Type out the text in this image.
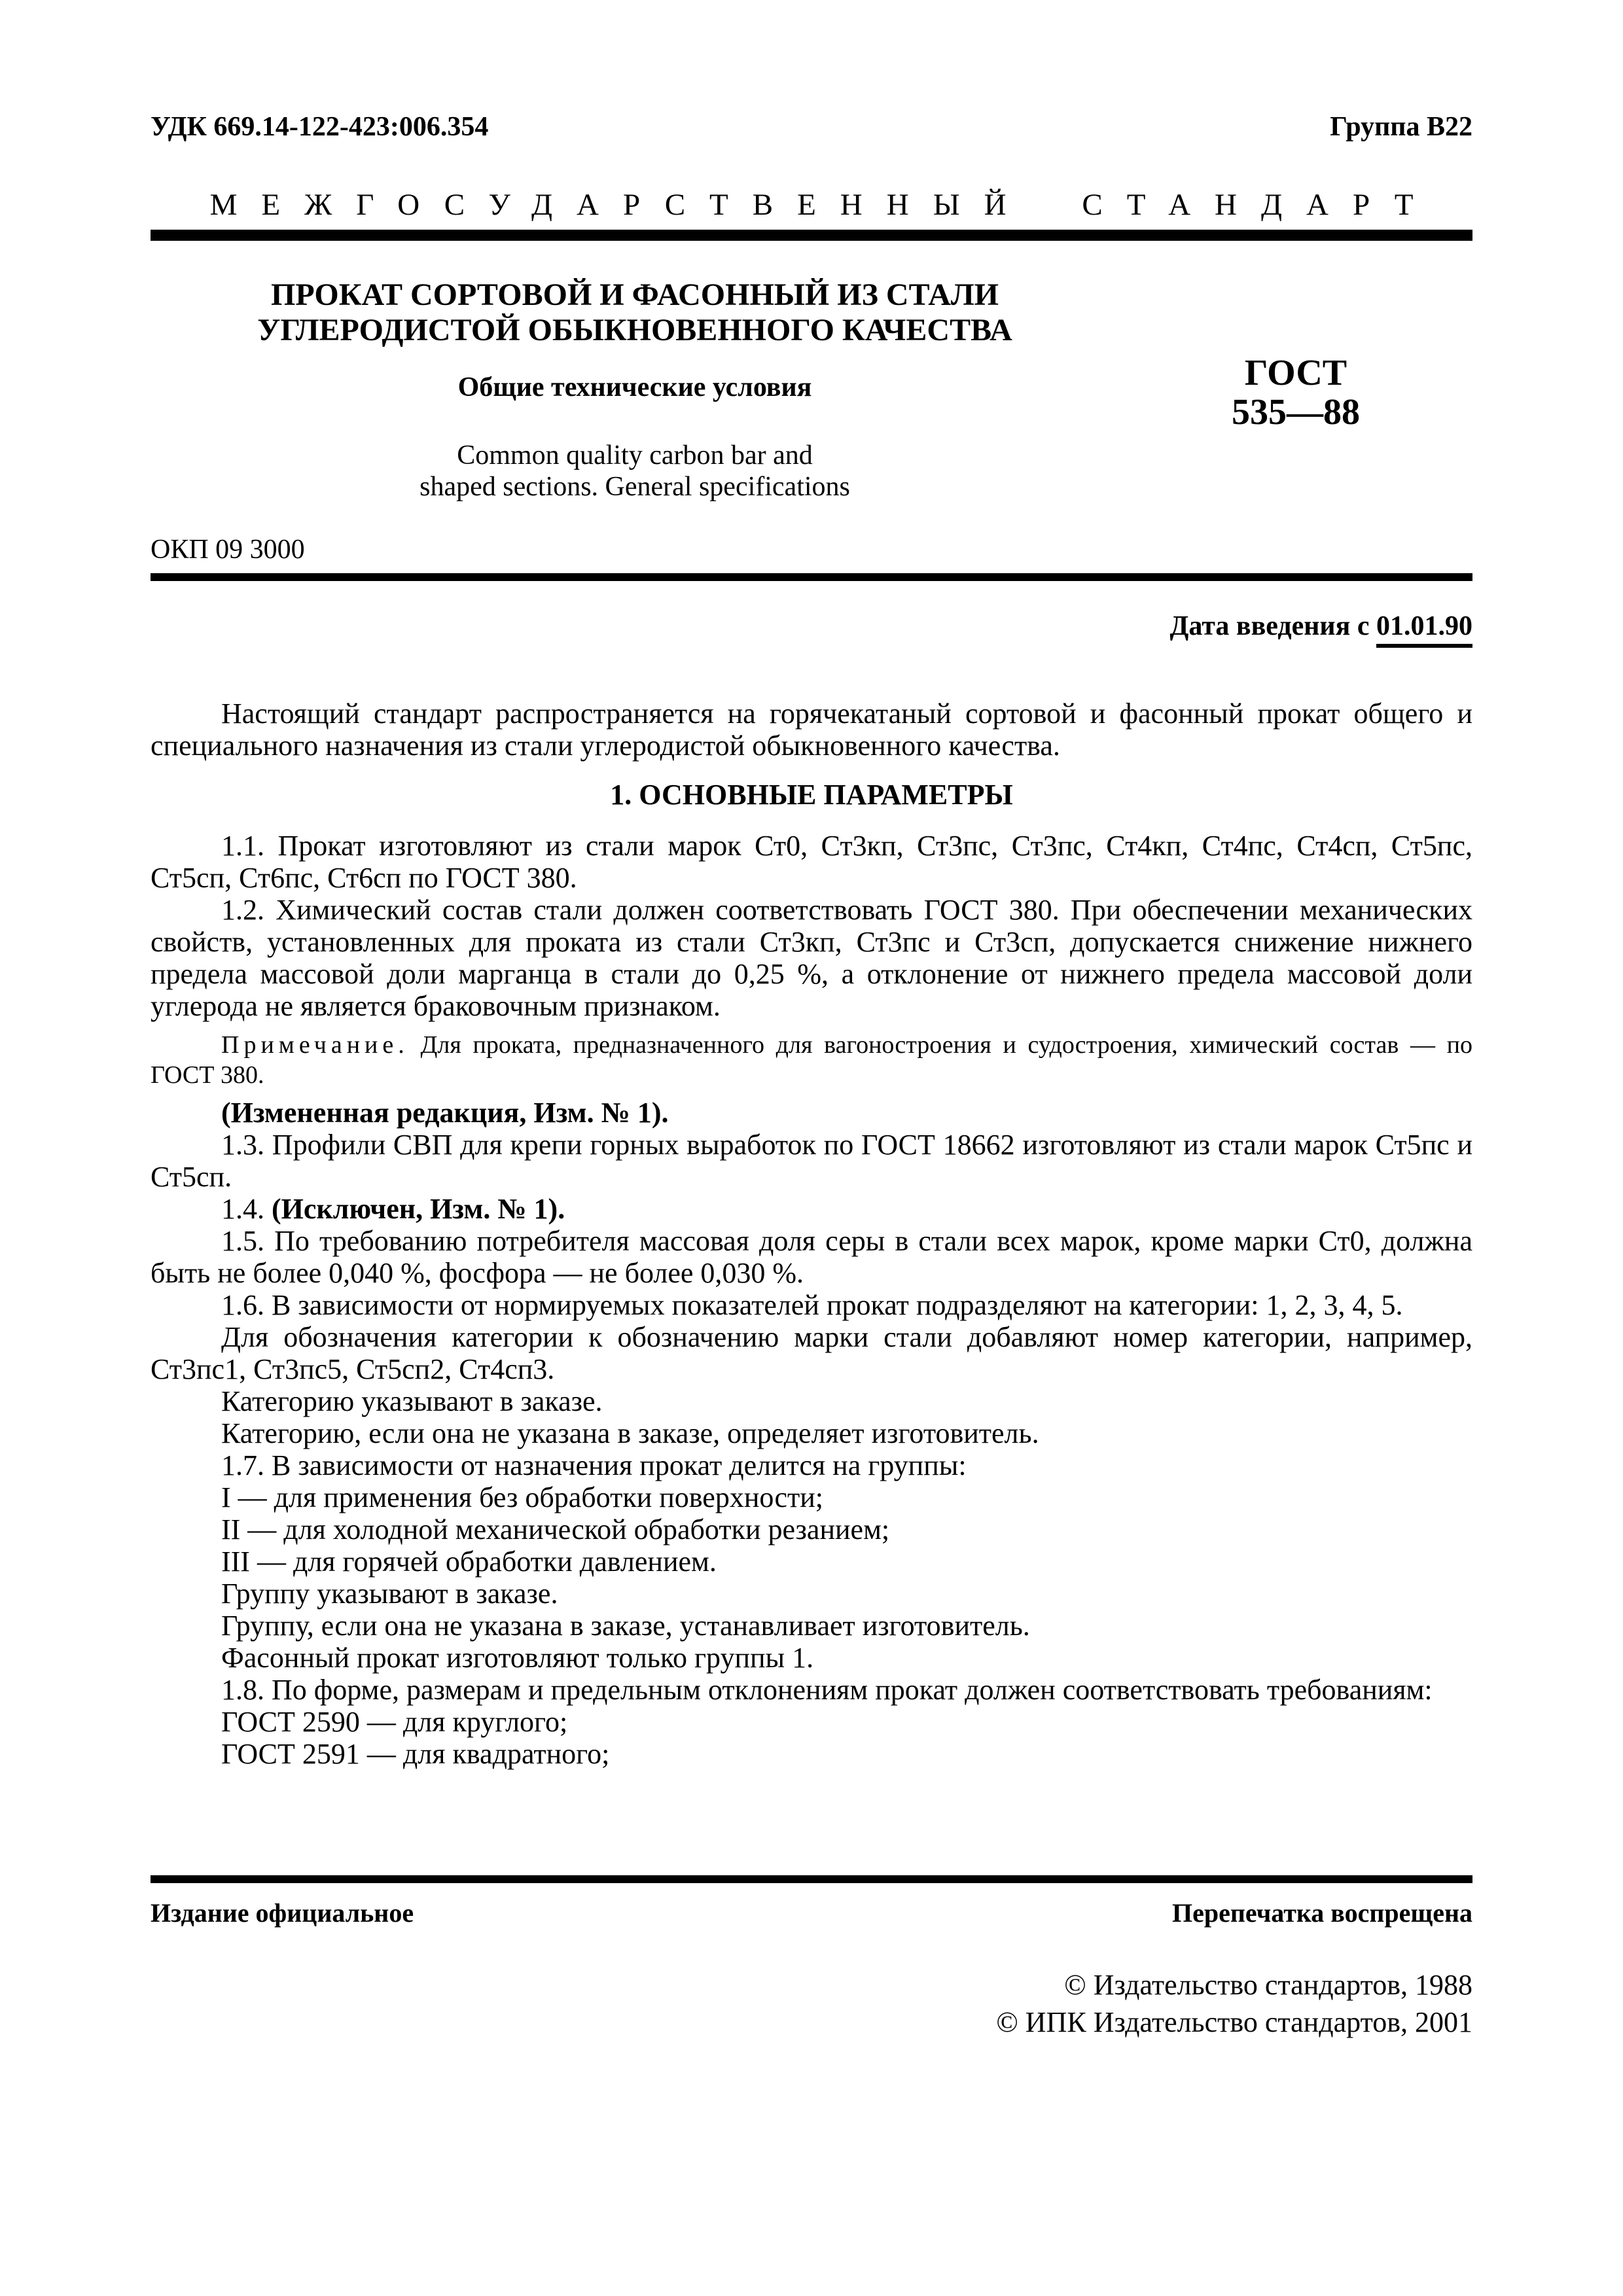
УДК 669.14-122-423:006.354	Группа В22
МЕЖГОСУДАРСТВЕННЫЙ СТАНДАРТ
ПРОКАТ СОРТОВОЙ И ФАСОННЫЙ ИЗ СТАЛИ
УГЛЕРОДИСТОЙ ОБЫКНОВЕННОГО КАЧЕСТВА
Общие технические условия
Common quality carbon bar and
shaped sections. General specifications
ГОСТ
535—88
ОКП 09 3000
Дата введения с 01.01.90

Настоящий стандарт распространяется на горячекатаный сортовой и фасонный прокат общего и специального назначения из стали углеродистой обыкновенного качества.

1. ОСНОВНЫЕ ПАРАМЕТРЫ

1.1. Прокат изготовляют из стали марок Ст0, Ст3кп, Ст3пс, Ст3пс, Ст4кп, Ст4пс, Ст4сп, Ст5пс, Ст5сп, Ст6пс, Ст6сп по ГОСТ 380.

1.2. Химический состав стали должен соответствовать ГОСТ 380. При обеспечении механических свойств, установленных для проката из стали Ст3кп, Ст3пс и Ст3сп, допускается снижение нижнего предела массовой доли марганца в стали до 0,25 %, а отклонение от нижнего предела массовой доли углерода не является браковочным признаком.

Примечание. Для проката, предназначенного для вагоностроения и судостроения, химический состав — по ГОСТ 380.

(Измененная редакция, Изм. № 1).

1.3. Профили СВП для крепи горных выработок по ГОСТ 18662 изготовляют из стали марок Ст5пс и Ст5сп.

1.4. (Исключен, Изм. № 1).

1.5. По требованию потребителя массовая доля серы в стали всех марок, кроме марки Ст0, должна быть не более 0,040 %, фосфора — не более 0,030 %.

1.6. В зависимости от нормируемых показателей прокат подразделяют на категории: 1, 2, 3, 4, 5.

Для обозначения категории к обозначению марки стали добавляют номер категории, например, Ст3пс1, Ст3пс5, Ст5сп2, Ст4сп3.

Категорию указывают в заказе.

Категорию, если она не указана в заказе, определяет изготовитель.

1.7. В зависимости от назначения прокат делится на группы:

I — для применения без обработки поверхности;

II — для холодной механической обработки резанием;

III — для горячей обработки давлением.

Группу указывают в заказе.

Группу, если она не указана в заказе, устанавливает изготовитель.

Фасонный прокат изготовляют только группы 1.

1.8. По форме, размерам и предельным отклонениям прокат должен соответствовать требованиям:

ГОСТ 2590 — для круглого;

ГОСТ 2591 — для квадратного;

Издание официальное	Перепечатка воспрещена
© Издательство стандартов, 1988
© ИПК Издательство стандартов, 2001
